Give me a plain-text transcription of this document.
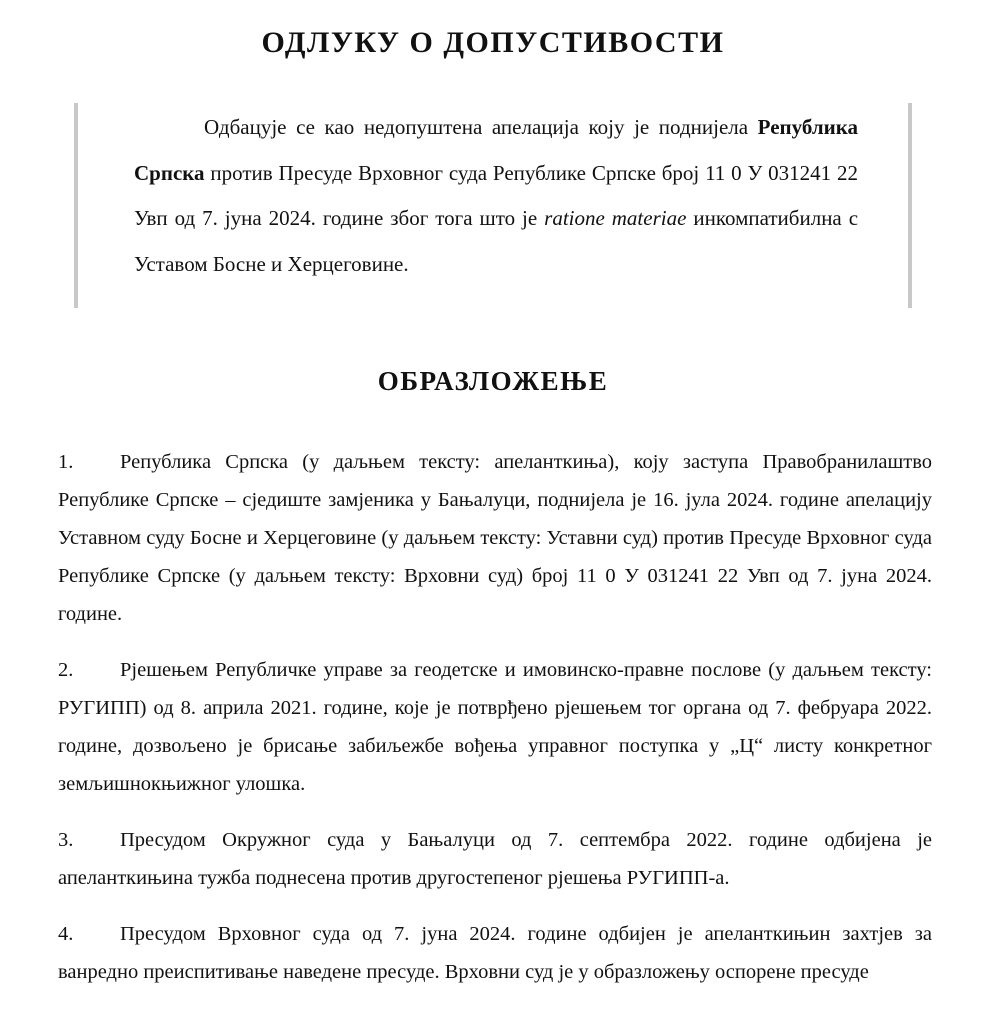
ОДЛУКУ О ДОПУСТИВОСТИ
Одбацује се као недопуштена апелација коју је поднијела Република Српска против Пресуде Врховног суда Републике Српске број 11 0 У 031241 22 Увп од 7. јуна 2024. године због тога што је ratione materiae инкомпатибилна с Уставом Босне и Херцеговине.
ОБРАЗЛОЖЕЊЕ

1. Република Српска (у даљњем тексту: апеланткиња), коју заступа Правобранилаштво Републике Српске – сједиште замјеника у Бањалуци, поднијела је 16. јула 2024. године апелацију Уставном суду Босне и Херцеговине (у даљњем тексту: Уставни суд) против Пресуде Врховног суда Републике Српске (у даљњем тексту: Врховни суд) број 11 0 У 031241 22 Увп од 7. јуна 2024. године.

2. Рјешењем Републичке управе за геодетске и имовинско-правне послове (у даљњем тексту: РУГИПП) од 8. априла 2021. године, које је потврђено рјешењем тог органа од 7. фебруара 2022. године, дозвољено је брисање забиљежбе вођења управног поступка у „Ц“ листу конкретног земљишнокњижног улошка.

3. Пресудом Окружног суда у Бањалуци од 7. септембра 2022. године одбијена је апеланткињина тужба поднесена против другостепеног рјешења РУГИПП-а.

4. Пресудом Врховног суда од 7. јуна 2024. године одбијен је апеланткињин захтјев за ванредно преиспитивање наведене пресуде. Врховни суд је у образложењу оспорене пресуде
